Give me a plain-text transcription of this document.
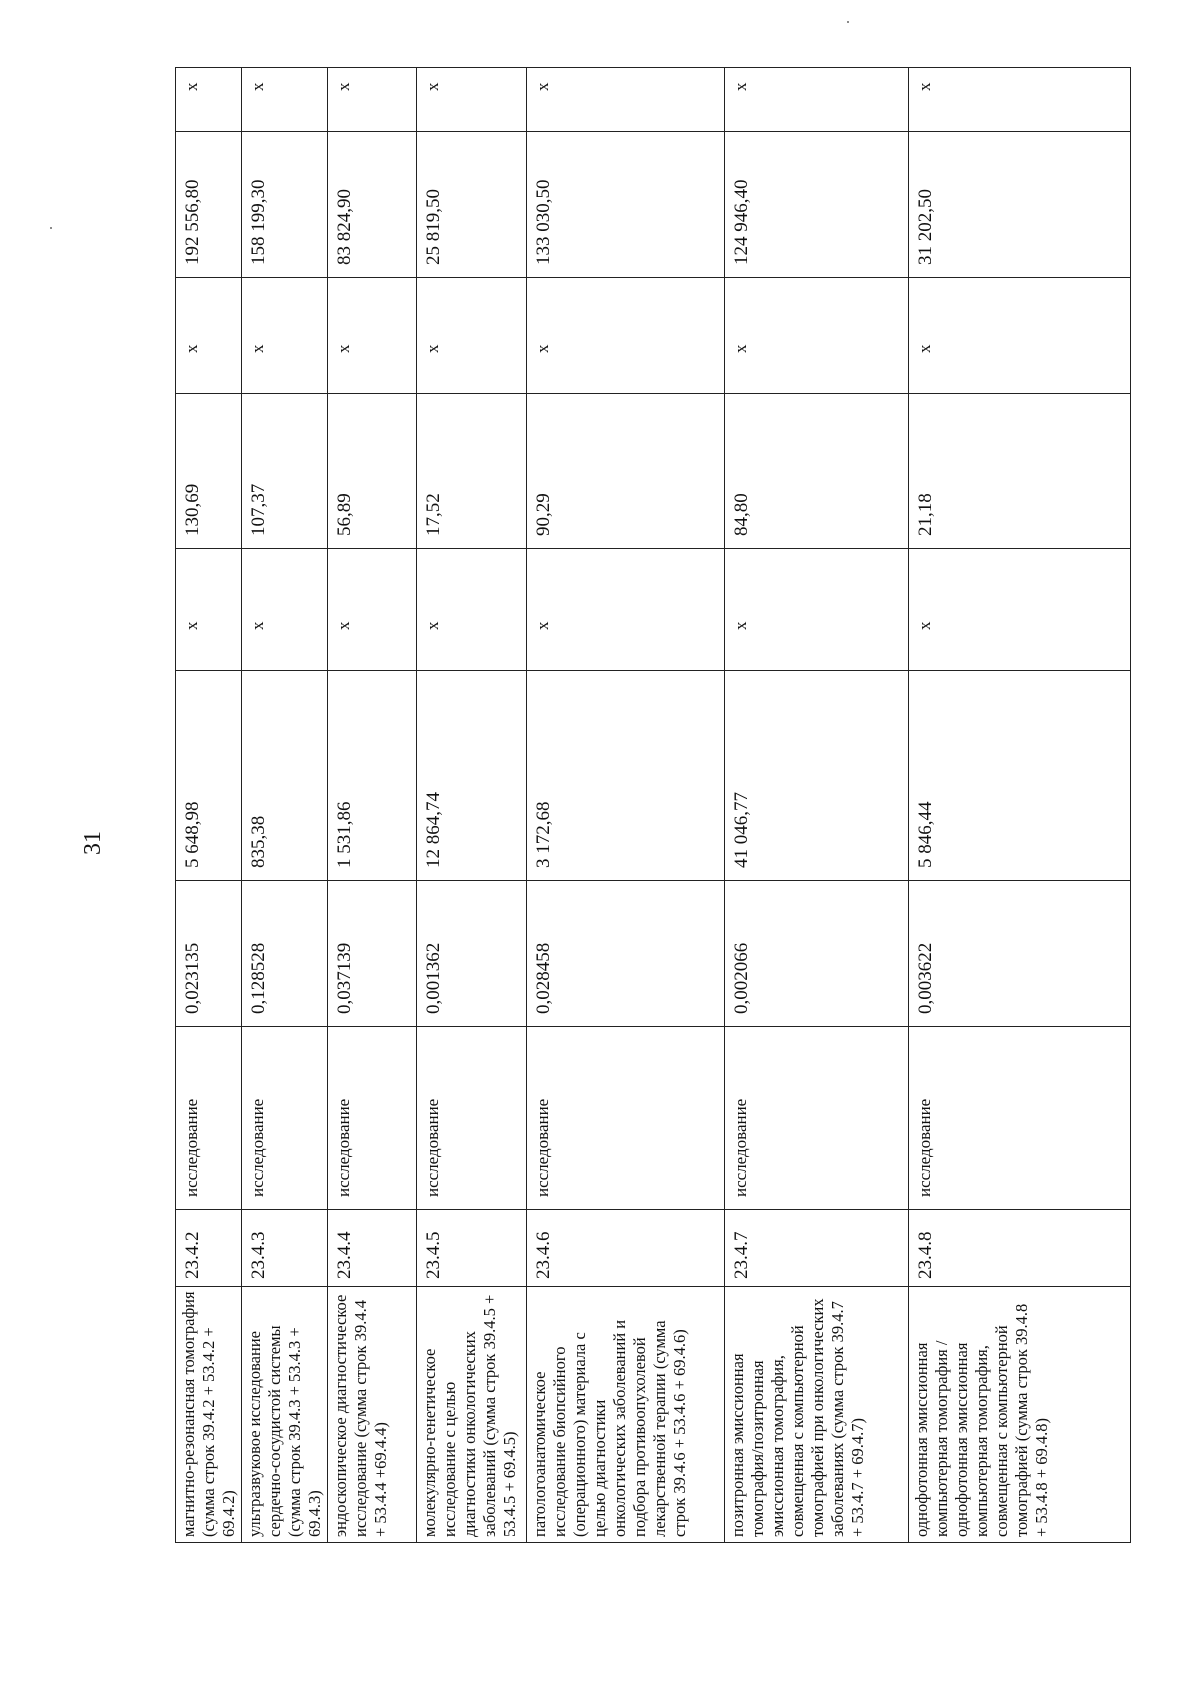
31
магнитно-резонансная томография (сумма строк 39.4.2 + 53.4.2 + 69.4.2)	23.4.2	исследование	0,023135	5 648,98	x	130,69	x	192 556,80	x
ультразвуковое исследование сердечно-сосудистой системы (сумма строк 39.4.3 + 53.4.3 + 69.4.3)	23.4.3	исследование	0,128528	835,38	x	107,37	x	158 199,30	x
эндоскопическое диагностическое исследование (сумма строк 39.4.4 + 53.4.4 +69.4.4)	23.4.4	исследование	0,037139	1 531,86	x	56,89	x	83 824,90	x
молекулярно-генетическое исследование с целью диагностики онкологических заболеваний (сумма строк 39.4.5 + 53.4.5 + 69.4.5)	23.4.5	исследование	0,001362	12 864,74	x	17,52	x	25 819,50	x
патологоанатомическое исследование биопсийного (операционного) материала с целью диагностики онкологических заболеваний и подбора противоопухолевой лекарственной терапии (сумма строк 39.4.6 + 53.4.6 + 69.4.6)	23.4.6	исследование	0,028458	3 172,68	x	90,29	x	133 030,50	x
позитронная эмиссионная томография/позитронная эмиссионная томография, совмещенная с компьютерной томографией при онкологических заболеваниях (сумма строк 39.4.7 + 53.4.7 + 69.4.7)	23.4.7	исследование	0,002066	41 046,77	x	84,80	x	124 946,40	x
однофотонная эмиссионная компьютерная томография / однофотонная эмиссионная компьютерная томография, совмещенная с компьютерной томографией (сумма строк 39.4.8 + 53.4.8 + 69.4.8)	23.4.8	исследование	0,003622	5 846,44	x	21,18	x	31 202,50	x
